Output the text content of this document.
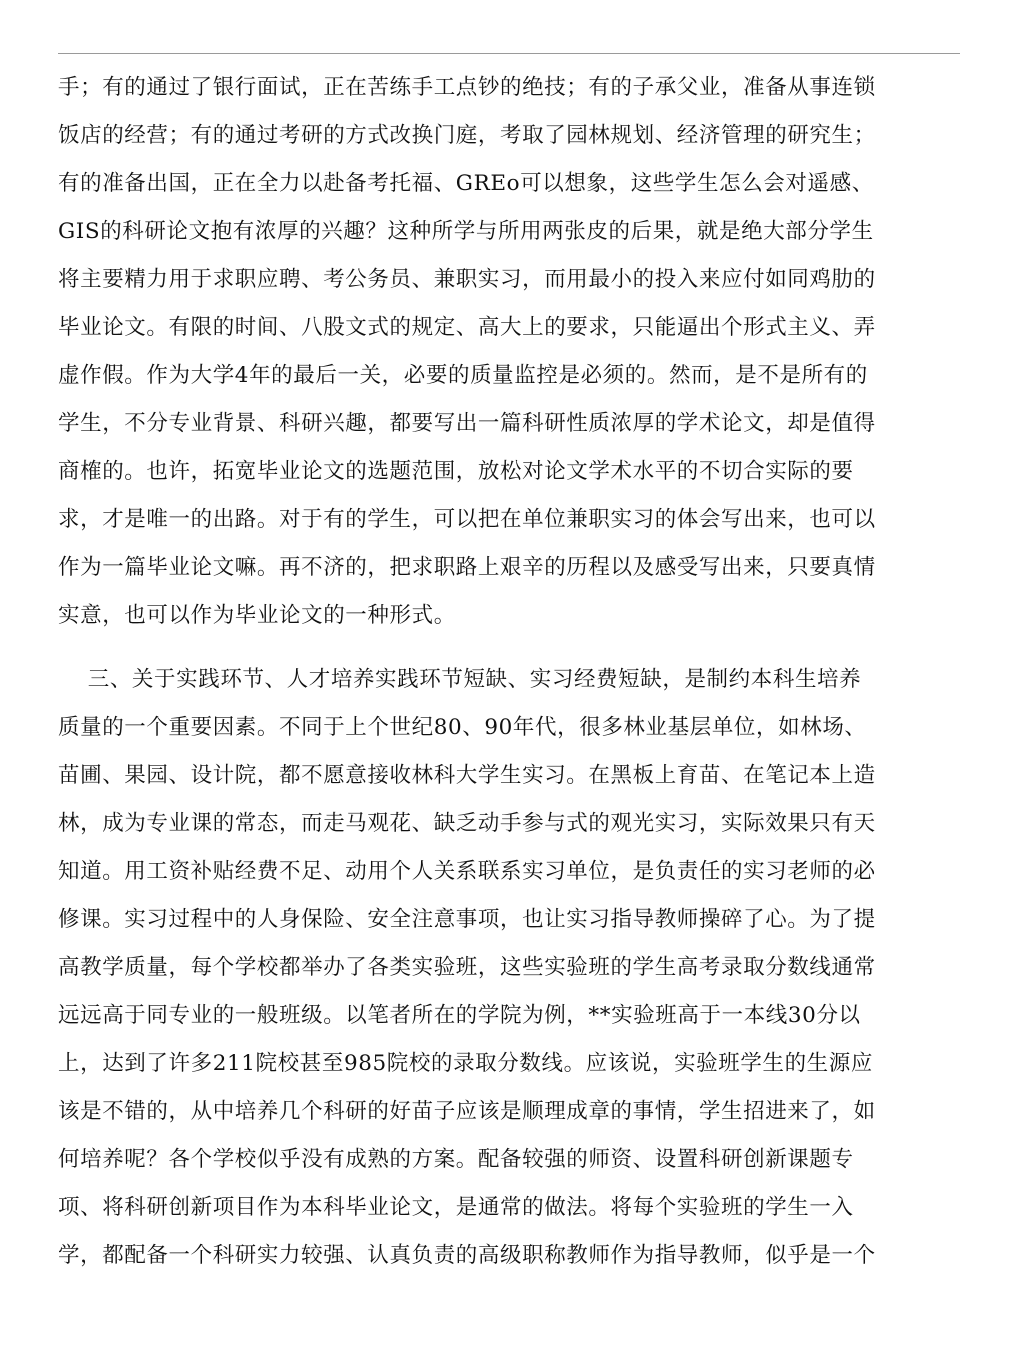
手；有的通过了银行面试，正在苦练手工点钞的绝技；有的子承父业，准备从事连锁
饭店的经营；有的通过考研的方式改换门庭，考取了园林规划、经济管理的研究生；
有的准备出国，正在全力以赴备考托福、GREo可以想象，这些学生怎么会对遥感、
GIS的科研论文抱有浓厚的兴趣？这种所学与所用两张皮的后果，就是绝大部分学生
将主要精力用于求职应聘、考公务员、兼职实习，而用最小的投入来应付如同鸡肋的
毕业论文。有限的时间、八股文式的规定、高大上的要求，只能逼出个形式主义、弄
虚作假。作为大学4年的最后一关，必要的质量监控是必须的。然而，是不是所有的
学生，不分专业背景、科研兴趣，都要写出一篇科研性质浓厚的学术论文，却是值得
商榷的。也许，拓宽毕业论文的选题范围，放松对论文学术水平的不切合实际的要
求，才是唯一的出路。对于有的学生，可以把在单位兼职实习的体会写出来，也可以
作为一篇毕业论文嘛。再不济的，把求职路上艰辛的历程以及感受写出来，只要真情
实意，也可以作为毕业论文的一种形式。
三、关于实践环节、人才培养实践环节短缺、实习经费短缺，是制约本科生培养
质量的一个重要因素。不同于上个世纪80、90年代，很多林业基层单位，如林场、
苗圃、果园、设计院，都不愿意接收林科大学生实习。在黑板上育苗、在笔记本上造
林，成为专业课的常态，而走马观花、缺乏动手参与式的观光实习，实际效果只有天
知道。用工资补贴经费不足、动用个人关系联系实习单位，是负责任的实习老师的必
修课。实习过程中的人身保险、安全注意事项，也让实习指导教师操碎了心。为了提
高教学质量，每个学校都举办了各类实验班，这些实验班的学生高考录取分数线通常
远远高于同专业的一般班级。以笔者所在的学院为例，**实验班高于一本线30分以
上，达到了许多211院校甚至985院校的录取分数线。应该说，实验班学生的生源应
该是不错的，从中培养几个科研的好苗子应该是顺理成章的事情，学生招进来了，如
何培养呢？各个学校似乎没有成熟的方案。配备较强的师资、设置科研创新课题专
项、将科研创新项目作为本科毕业论文，是通常的做法。将每个实验班的学生一入
学，都配备一个科研实力较强、认真负责的高级职称教师作为指导教师，似乎是一个
